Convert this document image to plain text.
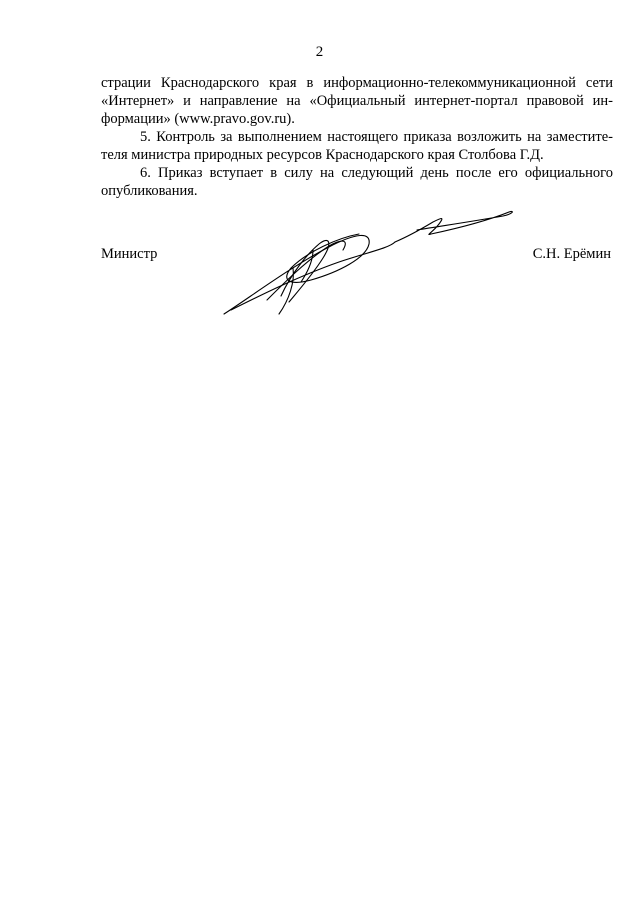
2

страции Краснодарского края в информационно-телекоммуникационной сети
«Интернет» и направление на «Официальный интернет-портал правовой ин-
формации» (www.pravo.gov.ru).

5. Контроль за выполнением настоящего приказа возложить на заместите-
теля министра природных ресурсов Краснодарского края Столбова Г.Д.

6. Приказ вступает в силу на следующий день после его официального
опубликования.

Министр	С.Н. Ерёмин
